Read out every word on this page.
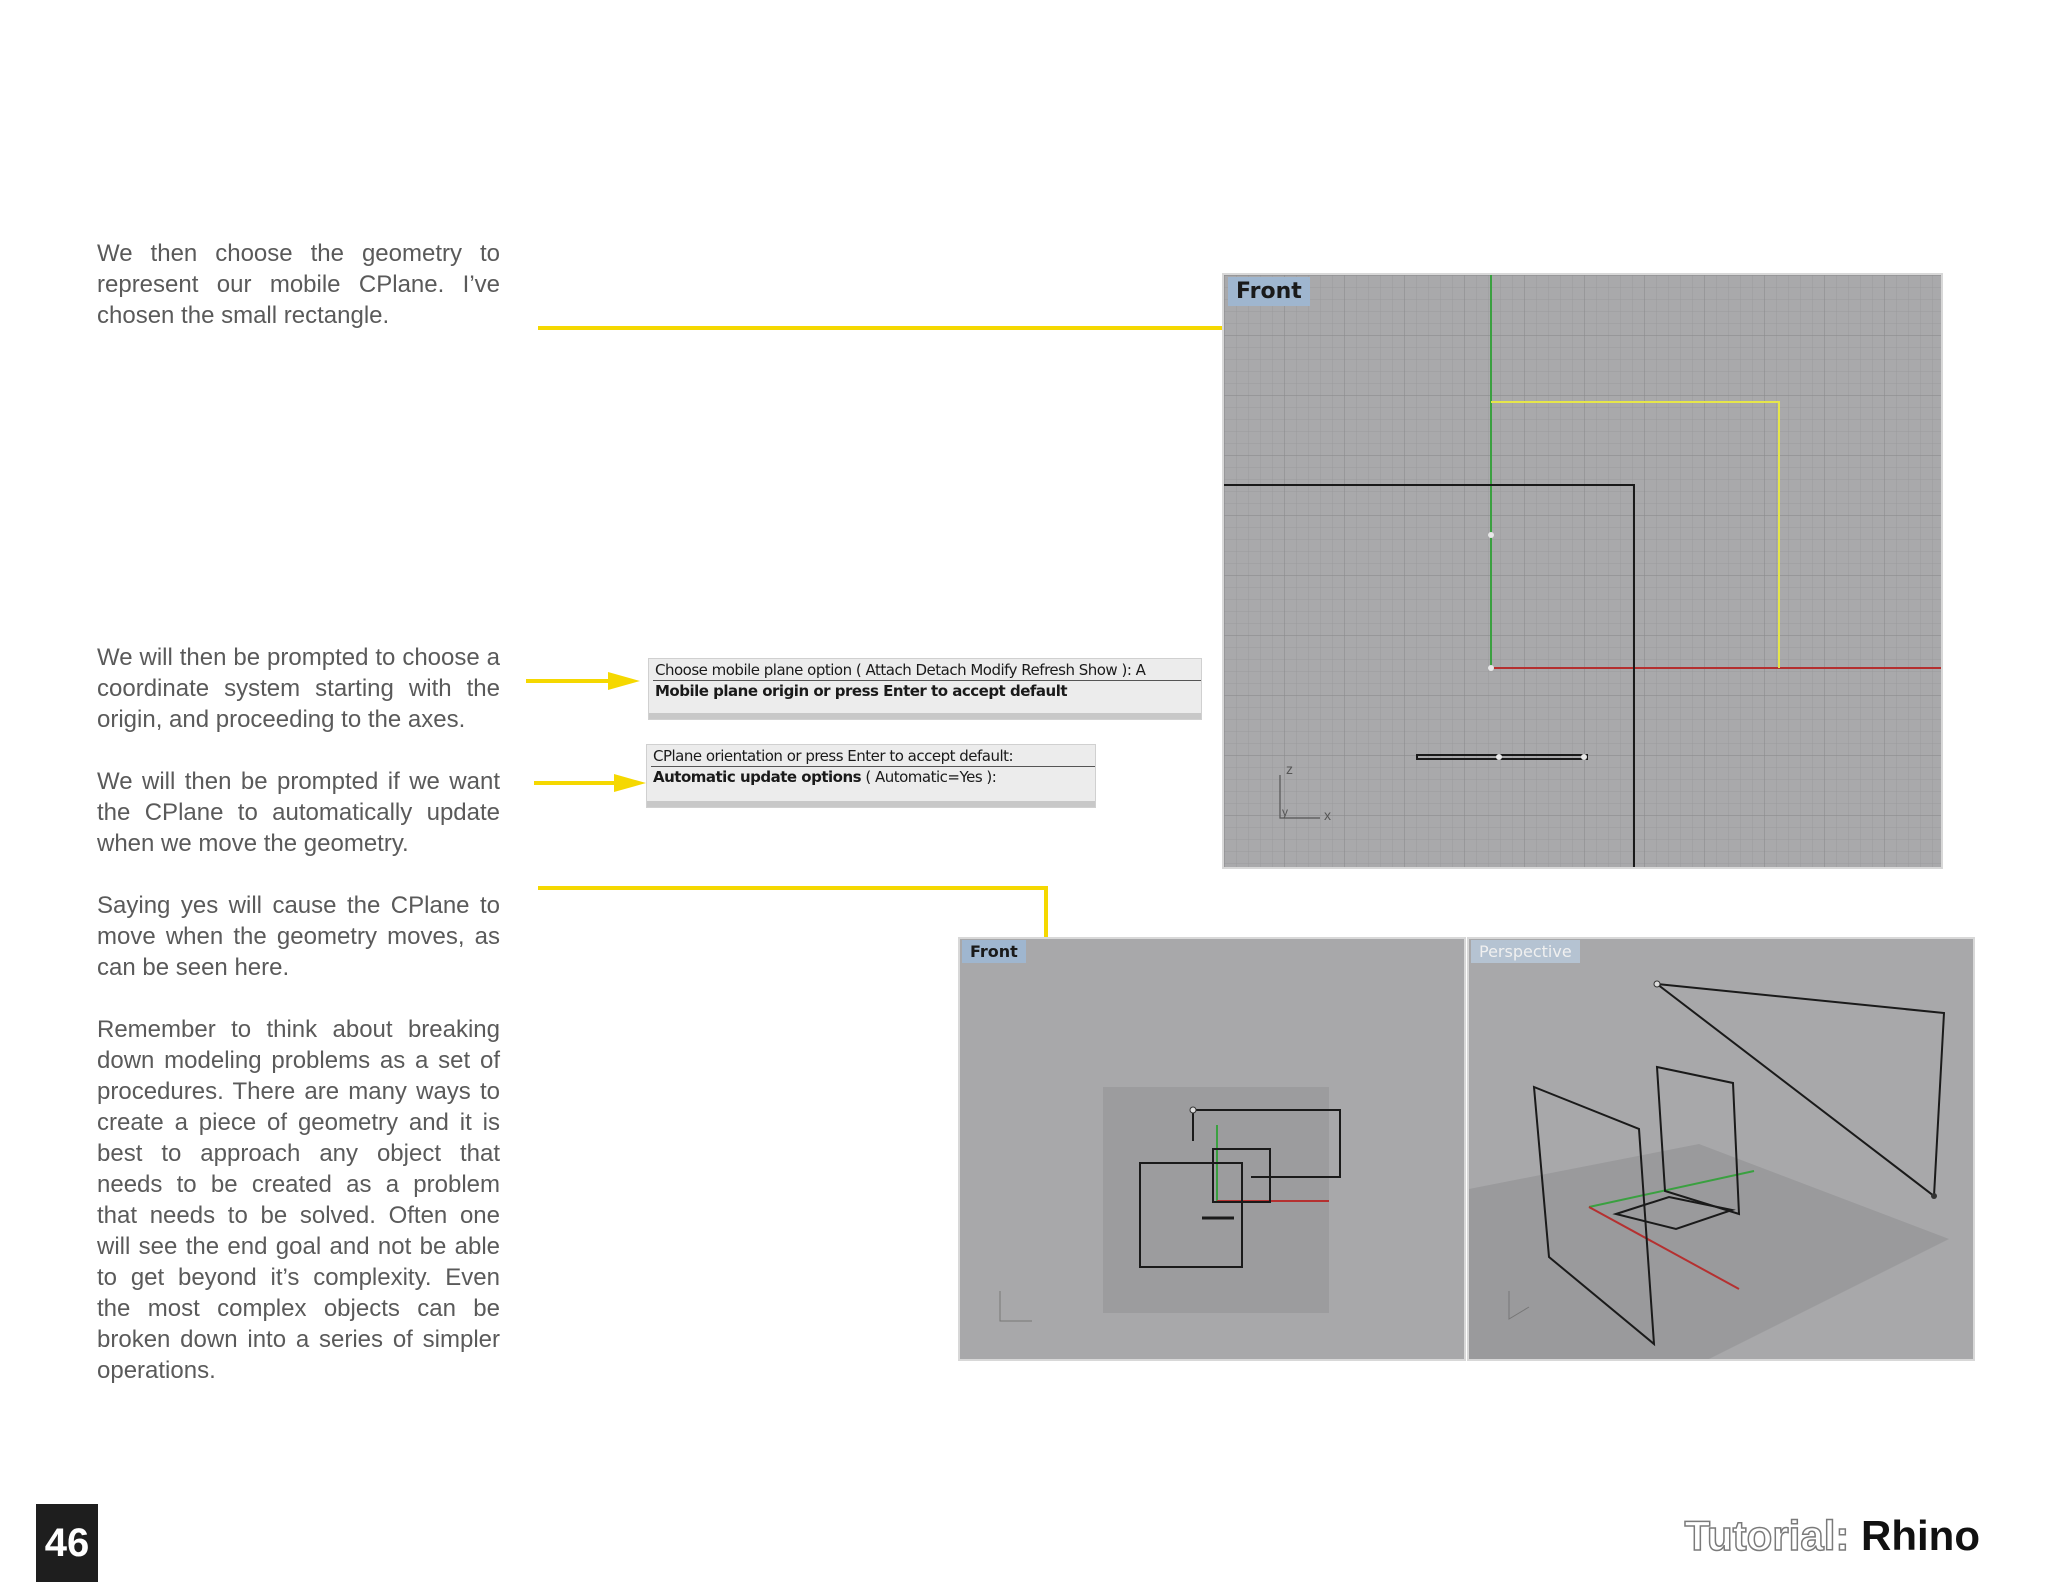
We then choose the geometry to represent our mobile CPlane. I’ve chosen the small rectangle.

We will then be prompted to choose a coordinate system starting with the origin, and proceeding to the axes.

We will then be prompted if we want the CPlane to automatically update when we move the geometry.

Saying yes will cause the CPlane to move when the geometry moves, as can be seen here.

Remember to think about breaking down modeling problems as a set of procedures. There are many ways to create a piece of geometry and it is best to approach any object that needs to be created as a problem that needs to be solved. Often one will see the end goal and not be able to get beyond it’s complexity. Even the most complex objects can be broken down into a series of simpler operations.

Choose mobile plane option ( Attach Detach Modify Refresh Show ): A
Mobile plane origin or press Enter to accept default
CPlane orientation or press Enter to accept default:
Automatic update options ( Automatic=Yes ):
Front
z
x
y
Front	Perspective
46	Tutorial: Rhino
